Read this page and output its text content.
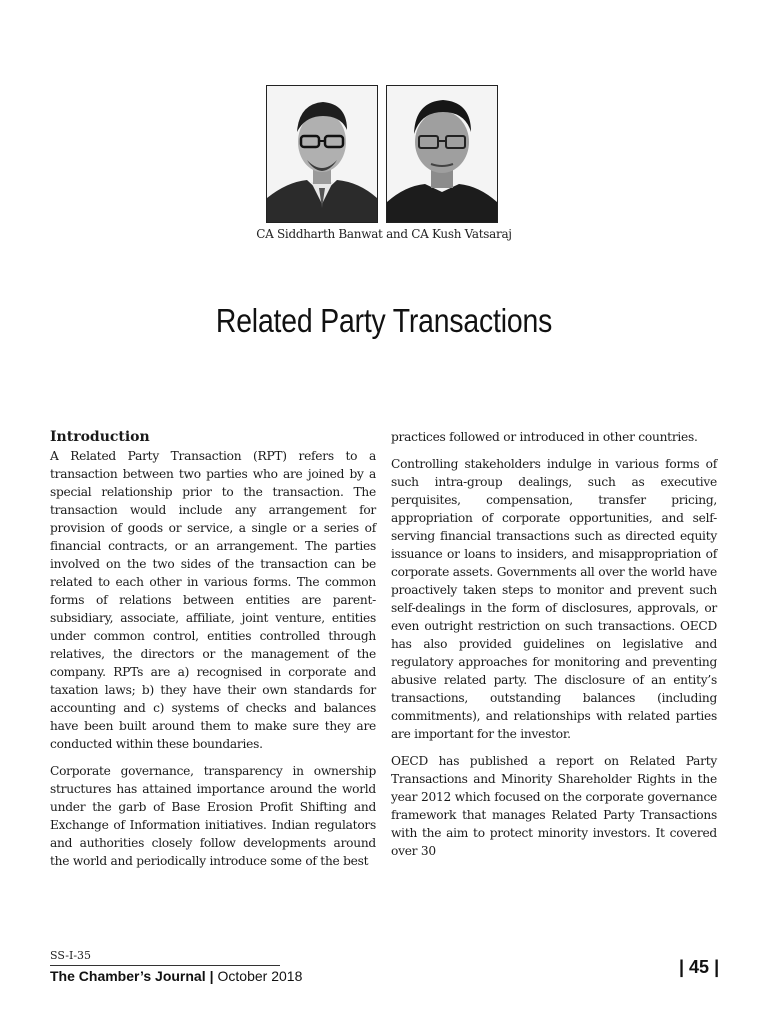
CA Siddharth Banwat and CA Kush Vatsaraj
Related Party Transactions
Introduction

A Related Party Transaction (RPT) refers to a transaction between two parties who are joined by a special relationship prior to the transaction. The transaction would include any arrangement for provision of goods or service, a single or a series of financial contracts, or an arrangement. The parties involved on the two sides of the transaction can be related to each other in various forms. The common forms of relations between entities are parent-subsidiary, associate, affiliate, joint venture, entities under common control, entities controlled through relatives, the directors or the management of the company. RPTs are a) recognised in corporate and taxation laws; b) they have their own standards for accounting and c) systems of checks and balances have been built around them to make sure they are conducted within these boundaries.

Corporate governance, transparency in ownership structures has attained importance around the world under the garb of Base Erosion Profit Shifting and Exchange of Information initiatives. Indian regulators and authorities closely follow developments around the world and periodically introduce some of the best

practices followed or introduced in other countries.

Controlling stakeholders indulge in various forms of such intra-group dealings, such as executive perquisites, compensation, transfer pricing, appropriation of corporate opportunities, and self-serving financial transactions such as directed equity issuance or loans to insiders, and misappropriation of corporate assets. Governments all over the world have proactively taken steps to monitor and prevent such self-dealings in the form of disclosures, approvals, or even outright restriction on such transactions. OECD has also provided guidelines on legislative and regulatory approaches for monitoring and preventing abusive related party. The disclosure of an entity’s transactions, outstanding balances (including commitments), and relationships with related parties are important for the investor.

OECD has published a report on Related Party Transactions and Minority Shareholder Rights in the year 2012 which focused on the corporate governance framework that manages Related Party Transactions with the aim to protect minority investors. It covered over 30

SS-I-35
The Chamber’s Journal | October 2018	| 45 |
